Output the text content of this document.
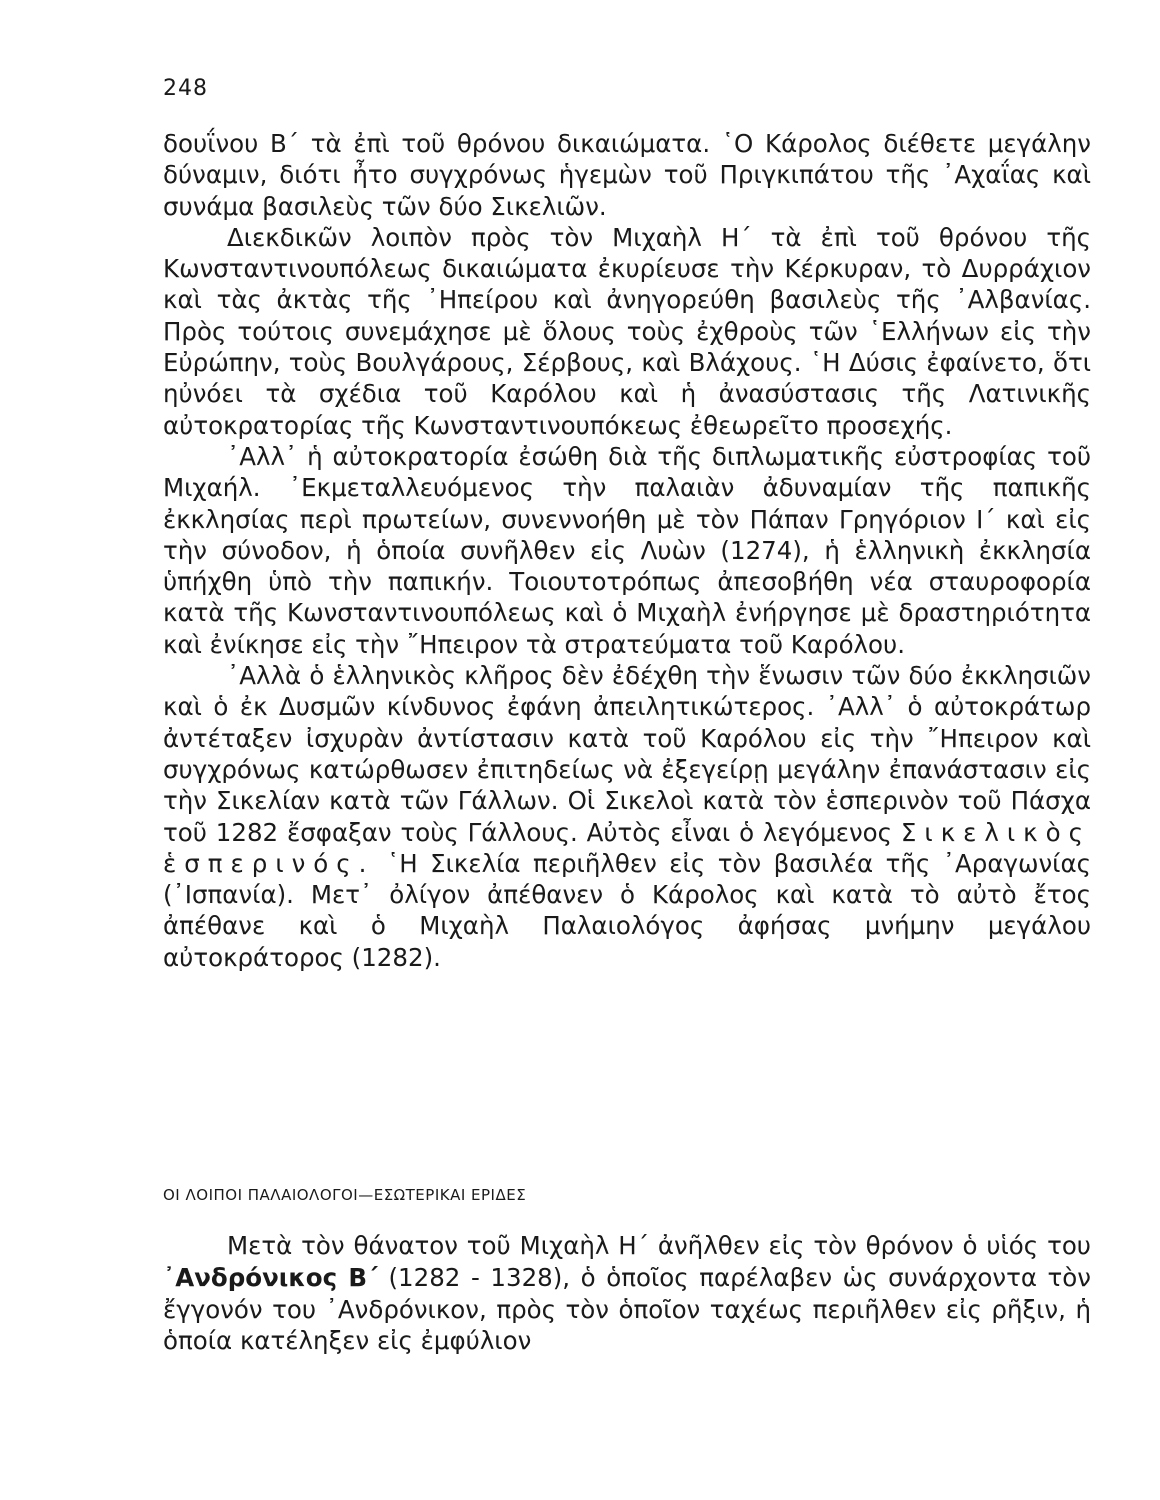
248

δουΐνου Β΄ τὰ ἐπὶ τοῦ θρόνου δικαιώματα. ῾Ο Κάρολος διέθετε μεγάλην δύναμιν, διότι ἦτο συγχρόνως ἡγεμὼν τοῦ Πριγκιπάτου τῆς ᾿Αχαΐας καὶ συνάμα βασιλεὺς τῶν δύο Σικελιῶν.

Διεκδικῶν λοιπὸν πρὸς τὸν Μιχαὴλ Η΄ τὰ ἐπὶ τοῦ θρόνου τῆς Κωνσταντινουπόλεως δικαιώματα ἐκυρίευσε τὴν Κέρκυραν, τὸ Δυρράχιον καὶ τὰς ἀκτὰς τῆς ᾿Ηπείρου καὶ ἀνηγορεύθη βασιλεὺς τῆς ᾿Αλβανίας. Πρὸς τούτοις συνεμάχησε μὲ ὅλους τοὺς ἐχθροὺς τῶν ῾Ελλήνων εἰς τὴν Εὐρώπην, τοὺς Βουλγάρους, Σέρβους, καὶ Βλάχους. ῾Η Δύσις ἐφαίνετο, ὅτι ηὐνόει τὰ σχέδια τοῦ Καρόλου καὶ ἡ ἀνασύστασις τῆς Λατινικῆς αὐτοκρατορίας τῆς Κωνσταντινουπόκεως ἐθεωρεῖτο προσεχής.

᾿Αλλ᾿ ἡ αὐτοκρατορία ἐσώθη διὰ τῆς διπλωματικῆς εὐστροφίας τοῦ Μιχαήλ. ᾿Εκμεταλλευόμενος τὴν παλαιὰν ἀδυναμίαν τῆς παπικῆς ἐκκλησίας περὶ πρωτείων, συνεννοήθη μὲ τὸν Πάπαν Γρηγόριον Ι΄ καὶ εἰς τὴν σύνοδον, ἡ ὁποία συνῆλθεν εἰς Λυὼν (1274), ἡ ἑλληνικὴ ἐκκλησία ὑπήχθη ὑπὸ τὴν παπικήν. Τοιουτοτρόπως ἀπεσοβήθη νέα σταυροφορία κατὰ τῆς Κωνσταντινουπόλεως καὶ ὁ Μιχαὴλ ἐνήργησε μὲ δραστηριότητα καὶ ἐνίκησε εἰς τὴν ῎Ηπειρον τὰ στρατεύματα τοῦ Καρόλου.

᾿Αλλὰ ὁ ἑλληνικὸς κλῆρος δὲν ἐδέχθη τὴν ἕνωσιν τῶν δύο ἐκκλησιῶν καὶ ὁ ἐκ Δυσμῶν κίνδυνος ἐφάνη ἀπειλητικώτερος. ᾿Αλλ᾿ ὁ αὐτοκράτωρ ἀντέταξεν ἰσχυρὰν ἀντίστασιν κατὰ τοῦ Καρόλου εἰς τὴν ῎Ηπειρον καὶ συγχρόνως κατώρθωσεν ἐπιτηδείως νὰ ἐξεγείρῃ μεγάλην ἐπανάστασιν εἰς τὴν Σικελίαν κατὰ τῶν Γάλλων. Οἱ Σικελοὶ κατὰ τὸν ἑσπερινὸν τοῦ Πάσχα τοῦ 1282 ἔσφαξαν τοὺς Γάλλους. Αὐτὸς εἶναι ὁ λεγόμενος Σικελικὸς ἑσπερινός. ῾Η Σικελία περιῆλθεν εἰς τὸν βασιλέα τῆς ᾿Αραγωνίας (᾿Ισπανία). Μετ᾿ ὀλίγον ἀπέθανεν ὁ Κάρολος καὶ κατὰ τὸ αὐτὸ ἔτος ἀπέθανε καὶ ὁ Μιχαὴλ Παλαιολόγος ἀφήσας μνήμην μεγάλου αὐτοκράτορος (1282).

ΟΙ ΛΟΙΠΟΙ ΠΑΛΑΙΟΛΟΓΟΙ—ΕΣΩΤΕΡΙΚΑΙ ΕΡΙΔΕΣ

Μετὰ τὸν θάνατον τοῦ Μιχαὴλ Η΄ ἀνῆλθεν εἰς τὸν θρόνον ὁ υἱός του ᾿Ανδρόνικος Β΄ (1282 - 1328), ὁ ὁποῖος παρέλαβεν ὡς συνάρχοντα τὸν ἔγγονόν του ᾿Ανδρόνικον, πρὸς τὸν ὁποῖον ταχέως περιῆλθεν εἰς ρῆξιν, ἡ ὁποία κατέληξεν εἰς ἐμφύλιον
